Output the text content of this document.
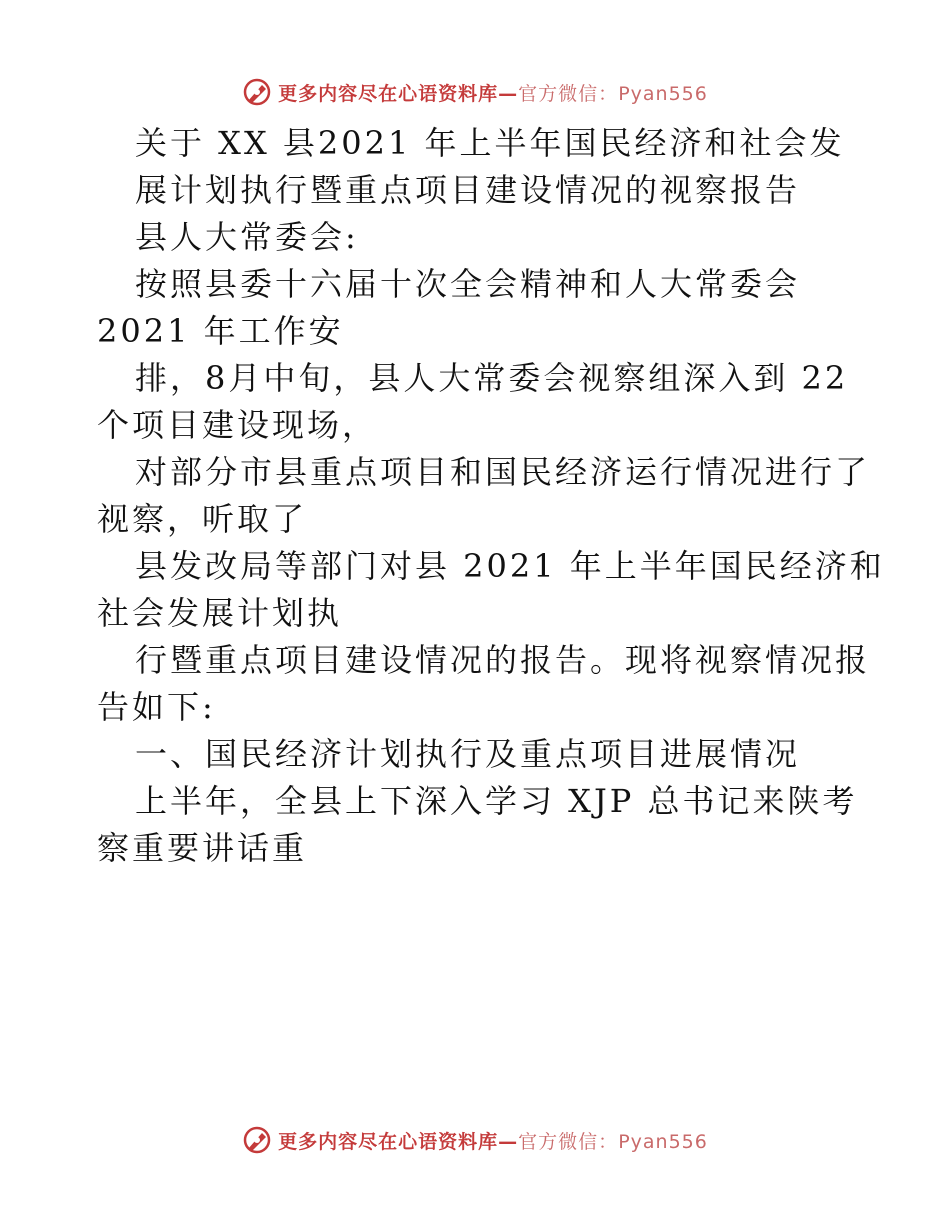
更多内容尽在心语资料库—官方微信：Pyan556
关于 XX 县2021 年上半年国民经济和社会发
展计划执行暨重点项目建设情况的视察报告
县人大常委会:
按照县委十六届十次全会精神和人大常委会
2021 年工作安
排，8月中旬，县人大常委会视察组深入到 22
个项目建设现场，
对部分市县重点项目和国民经济运行情况进行了
视察，听取了
县发改局等部门对县 2021 年上半年国民经济和
社会发展计划执
行暨重点项目建设情况的报告。现将视察情况报
告如下:
一、国民经济计划执行及重点项目进展情况
上半年，全县上下深入学习 XJP 总书记来陕考
察重要讲话重
更多内容尽在心语资料库—官方微信：Pyan556
